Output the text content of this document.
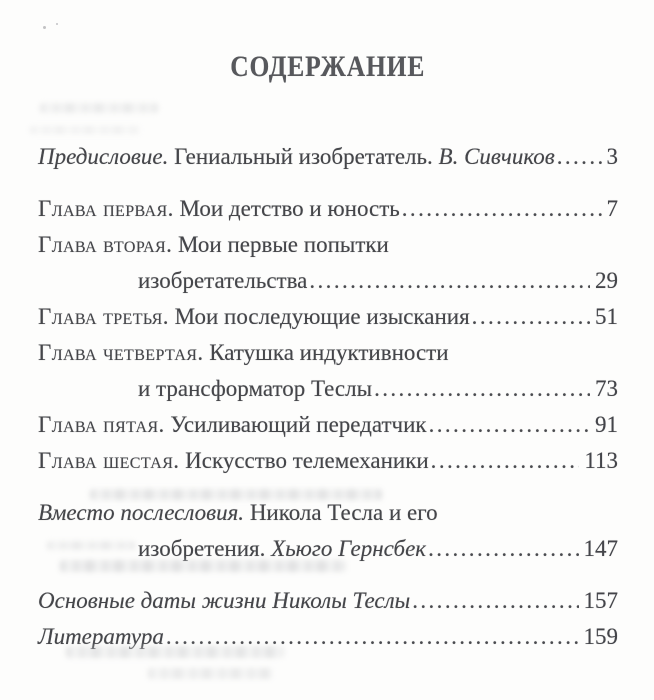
СОДЕРЖАНИЕ
Предисловие. Гениальный изобретатель. В. Сивчиков ..... 3
Глава первая. Мои детство и юность .....	7
Глава вторая. Мои первые попытки
изобретательства .....	29
Глава третья. Мои последующие изыскания .....	51
Глава четвертая. Катушка индуктивности
и трансформатор Теслы .....	73
Глава пятая. Усиливающий передатчик .....	91
Глава шестая. Искусство телемеханики .....	113
Вместо послесловия. Никола Тесла и его
изобретения. Хьюго Гернсбек .....	147
Основные даты жизни Николы Теслы .....	157
Литература .....	159
